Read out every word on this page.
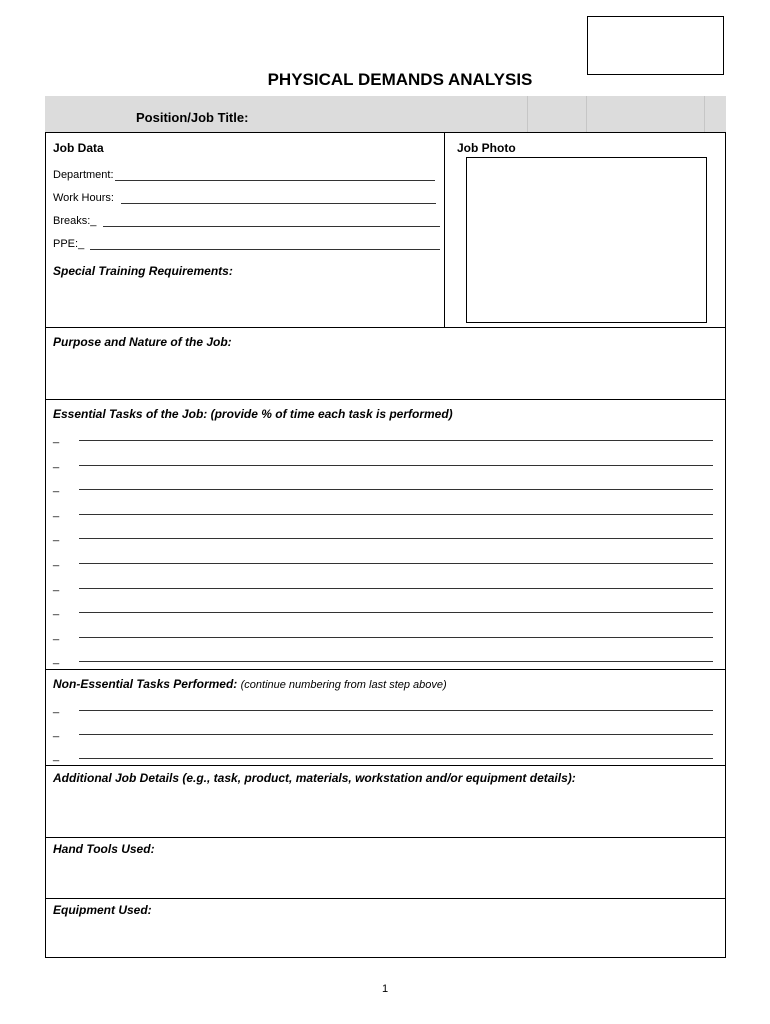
PHYSICAL DEMANDS ANALYSIS
Position/Job Title:
Job Data	Job Photo
Department:
Work Hours:
Breaks:_
PPE:_
Special Training Requirements:
Purpose and Nature of the Job:
Essential Tasks of the Job: (provide % of time each task is performed)
_
_
_
_
_
_
_
_
_
_
Non-Essential Tasks Performed: (continue numbering from last step above)
_
_
_
Additional Job Details (e.g., task, product, materials, workstation and/or equipment details):
Hand Tools Used:
Equipment Used:
1
